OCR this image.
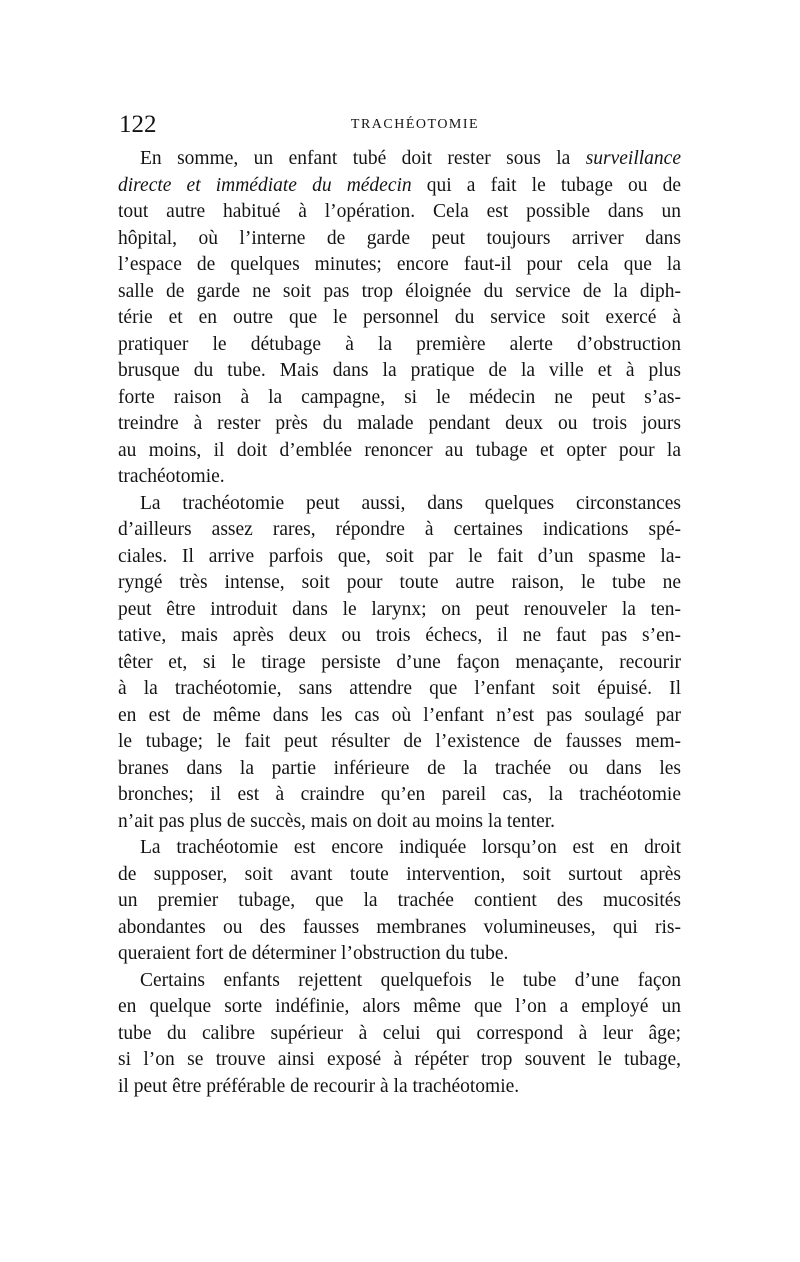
122	TRACHÉOTOMIE
En somme, un enfant tubé doit rester sous la surveillance
directe et immédiate du médecin qui a fait le tubage ou de
tout autre habitué à l’opération. Cela est possible dans un
hôpital, où l’interne de garde peut toujours arriver dans
l’espace de quelques minutes; encore faut-il pour cela que la
salle de garde ne soit pas trop éloignée du service de la diph-
térie et en outre que le personnel du service soit exercé à
pratiquer le détubage à la première alerte d’obstruction
brusque du tube. Mais dans la pratique de la ville et à plus
forte raison à la campagne, si le médecin ne peut s’as-
treindre à rester près du malade pendant deux ou trois jours
au moins, il doit d’emblée renoncer au tubage et opter pour la
trachéotomie.
La trachéotomie peut aussi, dans quelques circonstances
d’ailleurs assez rares, répondre à certaines indications spé-
ciales. Il arrive parfois que, soit par le fait d’un spasme la-
ryngé très intense, soit pour toute autre raison, le tube ne
peut être introduit dans le larynx; on peut renouveler la ten-
tative, mais après deux ou trois échecs, il ne faut pas s’en-
têter et, si le tirage persiste d’une façon menaçante, recourir
à la trachéotomie, sans attendre que l’enfant soit épuisé. Il
en est de même dans les cas où l’enfant n’est pas soulagé par
le tubage; le fait peut résulter de l’existence de fausses mem-
branes dans la partie inférieure de la trachée ou dans les
bronches; il est à craindre qu’en pareil cas, la trachéotomie
n’ait pas plus de succès, mais on doit au moins la tenter.
La trachéotomie est encore indiquée lorsqu’on est en droit
de supposer, soit avant toute intervention, soit surtout après
un premier tubage, que la trachée contient des mucosités
abondantes ou des fausses membranes volumineuses, qui ris-
queraient fort de déterminer l’obstruction du tube.
Certains enfants rejettent quelquefois le tube d’une façon
en quelque sorte indéfinie, alors même que l’on a employé un
tube du calibre supérieur à celui qui correspond à leur âge;
si l’on se trouve ainsi exposé à répéter trop souvent le tubage,
il peut être préférable de recourir à la trachéotomie.
